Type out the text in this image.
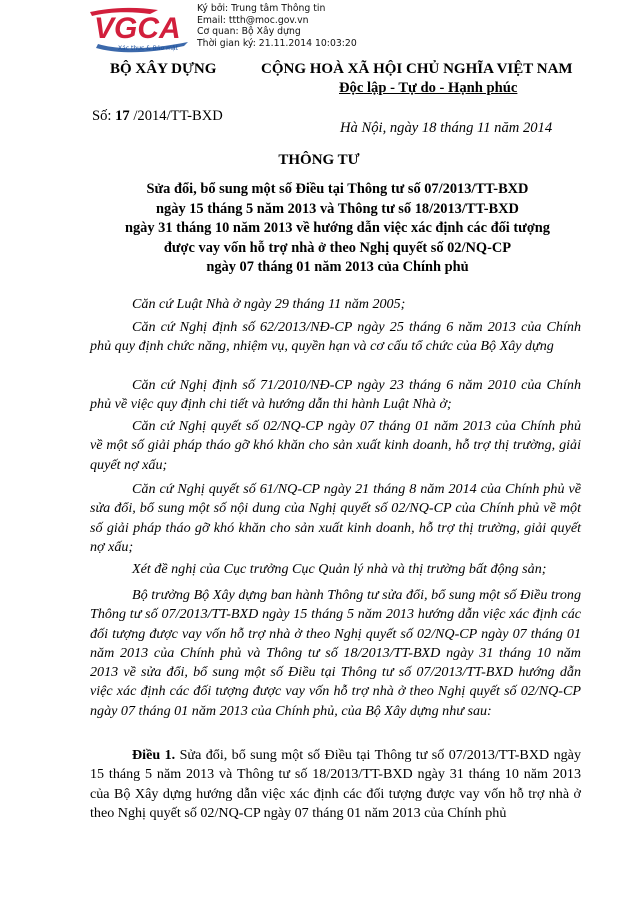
VGCA
Xác thực & Bảo mật
Ký bởi: Trung tâm Thông tin
Email: ttth@moc.gov.vn
Cơ quan: Bộ Xây dựng
Thời gian ký: 21.11.2014 10:03:20
BỘ XÂY DỰNG	CỘNG HOÀ XÃ HỘI CHỦ NGHĨA VIỆT NAM
Độc lập - Tự do - Hạnh phúc
Số: 17 /2014/TT-BXD
Hà Nội, ngày 18 tháng 11 năm 2014
THÔNG TƯ
Sửa đổi, bổ sung một số Điều tại Thông tư số 07/2013/TT-BXD
ngày 15 tháng 5 năm 2013 và Thông tư số 18/2013/TT-BXD
ngày 31 tháng 10 năm 2013 về hướng dẫn việc xác định các đối tượng
được vay vốn hỗ trợ nhà ở theo Nghị quyết số 02/NQ-CP
ngày 07 tháng 01 năm 2013 của Chính phủ

Căn cứ Luật Nhà ở ngày 29 tháng 11 năm 2005;

Căn cứ Nghị định số 62/2013/NĐ-CP ngày 25 tháng 6 năm 2013 của Chính phủ quy định chức năng, nhiệm vụ, quyền hạn và cơ cấu tổ chức của Bộ Xây dựng

Căn cứ Nghị định số 71/2010/NĐ-CP ngày 23 tháng 6 năm 2010 của Chính phủ về việc quy định chi tiết và hướng dẫn thi hành Luật Nhà ở;

Căn cứ Nghị quyết số 02/NQ-CP ngày 07 tháng 01 năm 2013 của Chính phủ về một số giải pháp tháo gỡ khó khăn cho sản xuất kinh doanh, hỗ trợ thị trường, giải quyết nợ xấu;

Căn cứ Nghị quyết số 61/NQ-CP ngày 21 tháng 8 năm 2014 của Chính phủ về sửa đổi, bổ sung một số nội dung của Nghị quyết số 02/NQ-CP của Chính phủ về một số giải pháp tháo gỡ khó khăn cho sản xuất kinh doanh, hỗ trợ thị trường, giải quyết nợ xấu;

Xét đề nghị của Cục trưởng Cục Quản lý nhà và thị trường bất động sản;

Bộ trưởng Bộ Xây dựng ban hành Thông tư sửa đổi, bổ sung một số Điều trong Thông tư số 07/2013/TT-BXD ngày 15 tháng 5 năm 2013 hướng dẫn việc xác định các đối tượng được vay vốn hỗ trợ nhà ở theo Nghị quyết số 02/NQ-CP ngày 07 tháng 01 năm 2013 của Chính phủ và Thông tư số 18/2013/TT-BXD ngày 31 tháng 10 năm 2013 về sửa đổi, bổ sung một số Điều tại Thông tư số 07/2013/TT-BXD hướng dẫn việc xác định các đối tượng được vay vốn hỗ trợ nhà ở theo Nghị quyết số 02/NQ-CP ngày 07 tháng 01 năm 2013 của Chính phủ, của Bộ Xây dựng như sau:

Điều 1. Sửa đổi, bổ sung một số Điều tại Thông tư số 07/2013/TT-BXD ngày 15 tháng 5 năm 2013 và Thông tư số 18/2013/TT-BXD ngày 31 tháng 10 năm 2013 của Bộ Xây dựng hướng dẫn việc xác định các đối tượng được vay vốn hỗ trợ nhà ở theo Nghị quyết số 02/NQ-CP ngày 07 tháng 01 năm 2013 của Chính phủ
